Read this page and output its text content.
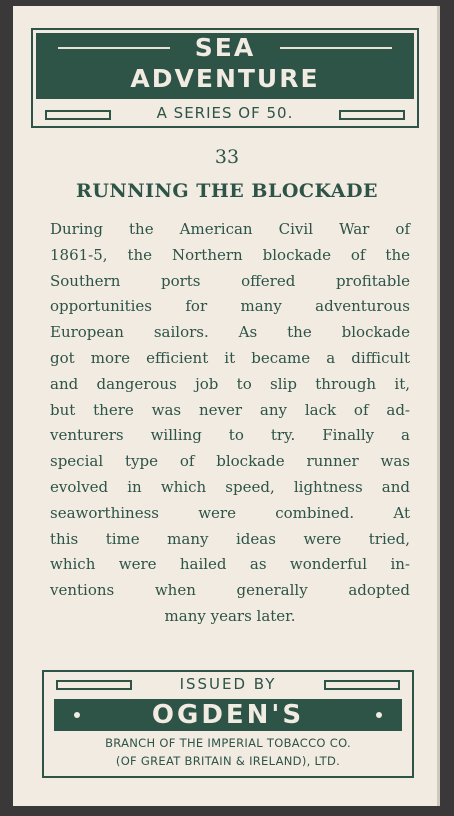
SEA
ADVENTURE
A SERIES OF 50.
33
RUNNING THE BLOCKADE
During the American Civil War of
1861-5, the Northern blockade of the
Southern ports offered profitable
opportunities for many adventurous
European sailors. As the blockade
got more efficient it became a difficult
and dangerous job to slip through it,
but there was never any lack of ad-
venturers willing to try. Finally a
special type of blockade runner was
evolved in which speed, lightness and
seaworthiness were combined. At
this time many ideas were tried,
which were hailed as wonderful in-
ventions when generally adopted
many years later.
ISSUED BY
OGDEN'S
BRANCH OF THE IMPERIAL TOBACCO CO.
(OF GREAT BRITAIN & IRELAND), LTD.
